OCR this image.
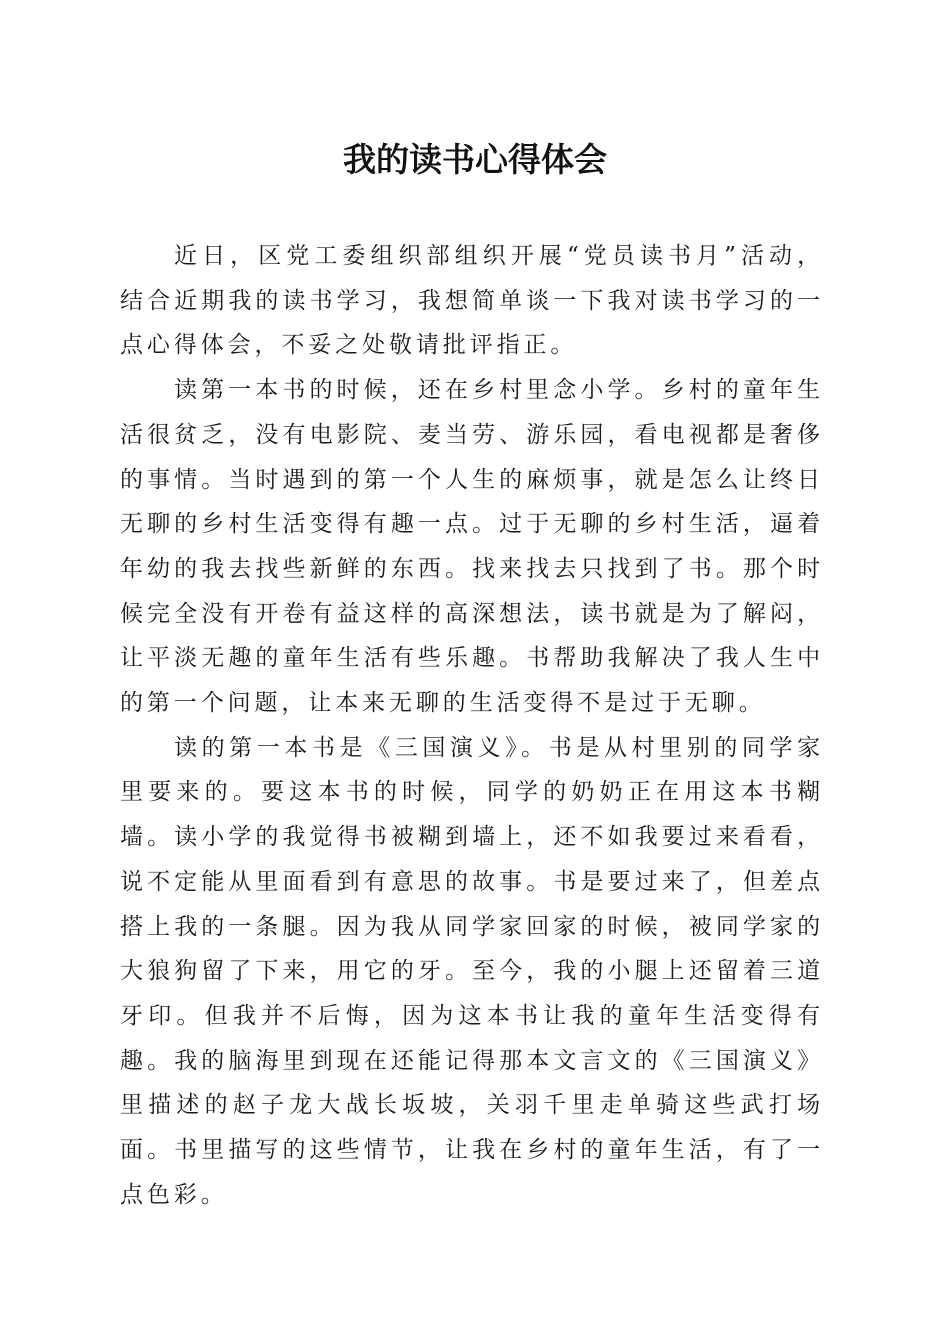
我的读书心得体会

近日，区党工委组织部组织开展“党员读书月”活动，结合近期我的读书学习，我想简单谈一下我对读书学习的一点心得体会，不妥之处敬请批评指正。

读第一本书的时候，还在乡村里念小学。乡村的童年生活很贫乏，没有电影院、麦当劳、游乐园，看电视都是奢侈的事情。当时遇到的第一个人生的麻烦事，就是怎么让终日无聊的乡村生活变得有趣一点。过于无聊的乡村生活，逼着年幼的我去找些新鲜的东西。找来找去只找到了书。那个时候完全没有开卷有益这样的高深想法，读书就是为了解闷，让平淡无趣的童年生活有些乐趣。书帮助我解决了我人生中的第一个问题，让本来无聊的生活变得不是过于无聊。

读的第一本书是《三国演义》。书是从村里别的同学家里要来的。要这本书的时候，同学的奶奶正在用这本书糊墙。读小学的我觉得书被糊到墙上，还不如我要过来看看，说不定能从里面看到有意思的故事。书是要过来了，但差点搭上我的一条腿。因为我从同学家回家的时候，被同学家的大狼狗留了下来，用它的牙。至今，我的小腿上还留着三道牙印。但我并不后悔，因为这本书让我的童年生活变得有趣。我的脑海里到现在还能记得那本文言文的《三国演义》里描述的赵子龙大战长坂坡，关羽千里走单骑这些武打场面。书里描写的这些情节，让我在乡村的童年生活，有了一点色彩。
